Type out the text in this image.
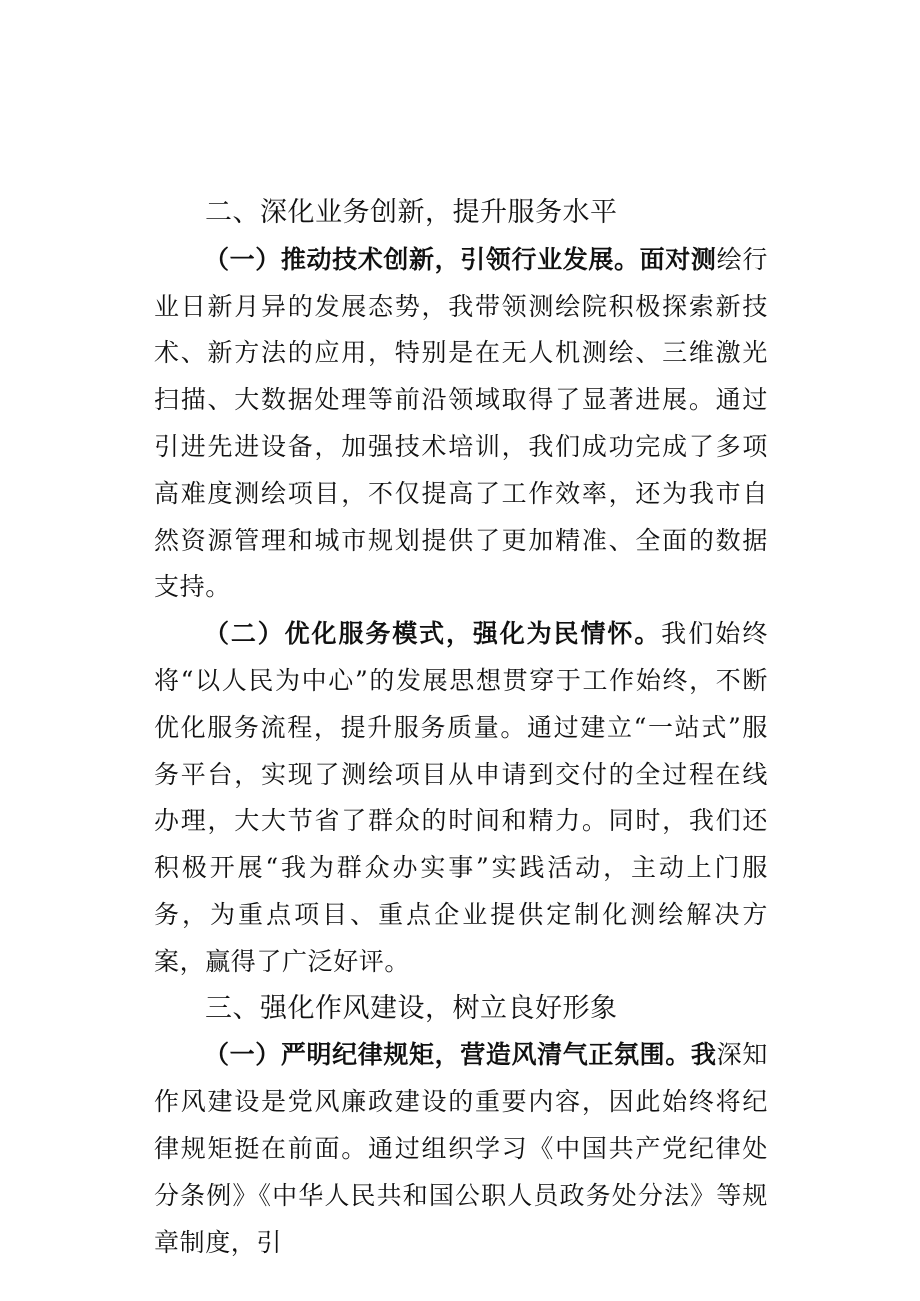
二、深化业务创新，提升服务水平

（一）推动技术创新，引领行业发展。面对测绘行业日新月异的发展态势，我带领测绘院积极探索新技术、新方法的应用，特别是在无人机测绘、三维激光扫描、大数据处理等前沿领域取得了显著进展。通过引进先进设备，加强技术培训，我们成功完成了多项高难度测绘项目，不仅提高了工作效率，还为我市自然资源管理和城市规划提供了更加精准、全面的数据支持。

（二）优化服务模式，强化为民情怀。我们始终将“以人民为中心”的发展思想贯穿于工作始终，不断优化服务流程，提升服务质量。通过建立“一站式”服务平台，实现了测绘项目从申请到交付的全过程在线办理，大大节省了群众的时间和精力。同时，我们还积极开展“我为群众办实事”实践活动，主动上门服务，为重点项目、重点企业提供定制化测绘解决方案，赢得了广泛好评。

三、强化作风建设，树立良好形象

（一）严明纪律规矩，营造风清气正氛围。我深知作风建设是党风廉政建设的重要内容，因此始终将纪律规矩挺在前面。通过组织学习《中国共产党纪律处分条例》《中华人民共和国公职人员政务处分法》等规章制度，引
